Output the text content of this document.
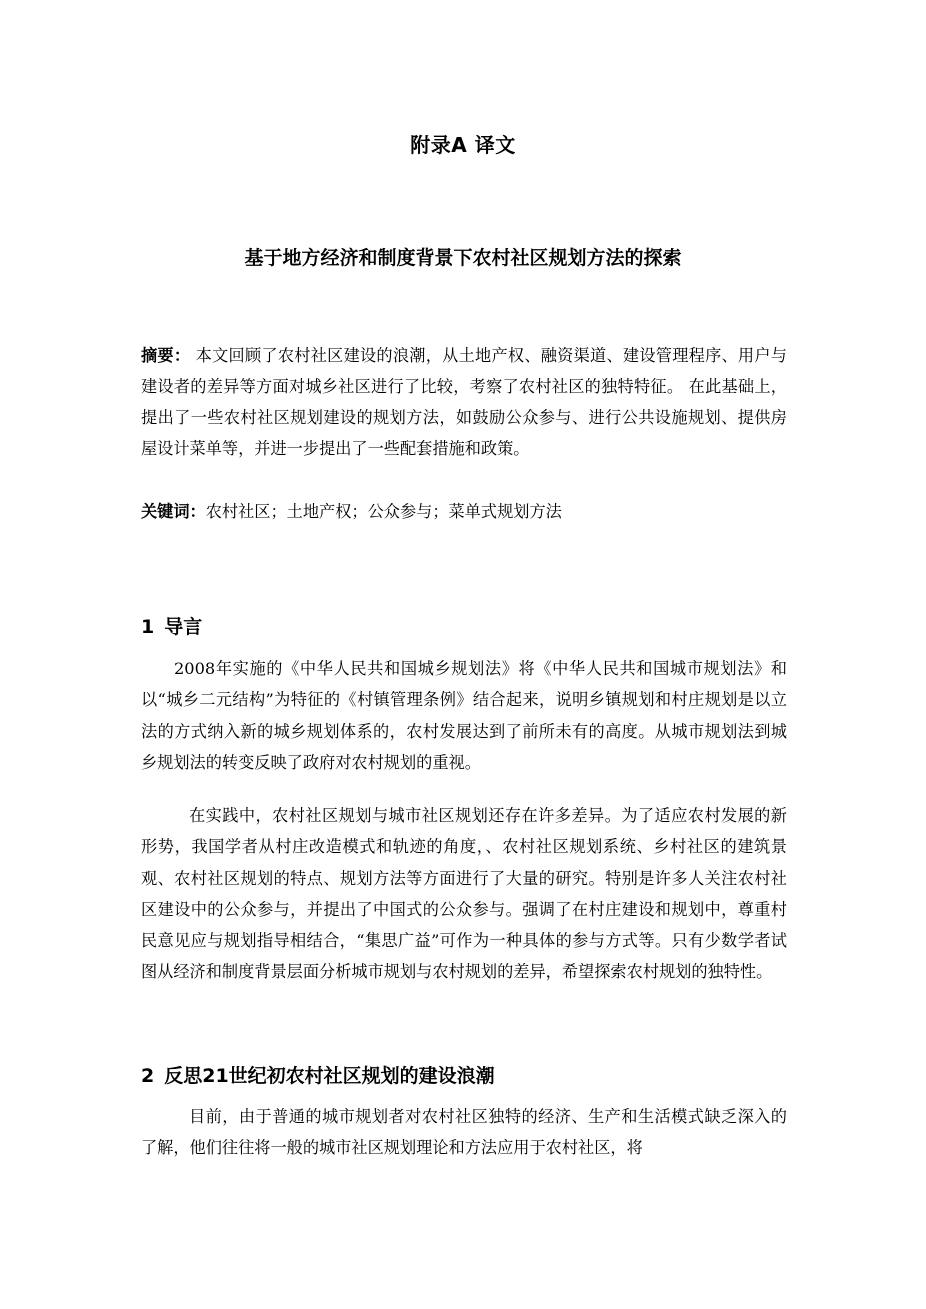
附录A 译文
基于地方经济和制度背景下农村社区规划方法的探索

摘要： 本文回顾了农村社区建设的浪潮，从土地产权、融资渠道、建设管理程序、用户与建设者的差异等方面对城乡社区进行了比较，考察了农村社区的独特特征。 在此基础上，提出了一些农村社区规划建设的规划方法，如鼓励公众参与、进行公共设施规划、提供房屋设计菜单等，并进一步提出了一些配套措施和政策。

关键词：农村社区；土地产权；公众参与；菜单式规划方法

1 导言

2008年实施的《中华人民共和国城乡规划法》将《中华人民共和国城市规划法》和以“城乡二元结构”为特征的《村镇管理条例》结合起来，说明乡镇规划和村庄规划是以立法的方式纳入新的城乡规划体系的，农村发展达到了前所未有的高度。从城市规划法到城乡规划法的转变反映了政府对农村规划的重视。

在实践中，农村社区规划与城市社区规划还存在许多差异。为了适应农村发展的新形势，我国学者从村庄改造模式和轨迹的角度，、农村社区规划系统、乡村社区的建筑景观、农村社区规划的特点、规划方法等方面进行了大量的研究。特别是许多人关注农村社区建设中的公众参与，并提出了中国式的公众参与。强调了在村庄建设和规划中，尊重村民意见应与规划指导相结合，“集思广益”可作为一种具体的参与方式等。只有少数学者试图从经济和制度背景层面分析城市规划与农村规划的差异，希望探索农村规划的独特性。

2 反思21世纪初农村社区规划的建设浪潮

目前，由于普通的城市规划者对农村社区独特的经济、生产和生活模式缺乏深入的了解，他们往往将一般的城市社区规划理论和方法应用于农村社区，将
